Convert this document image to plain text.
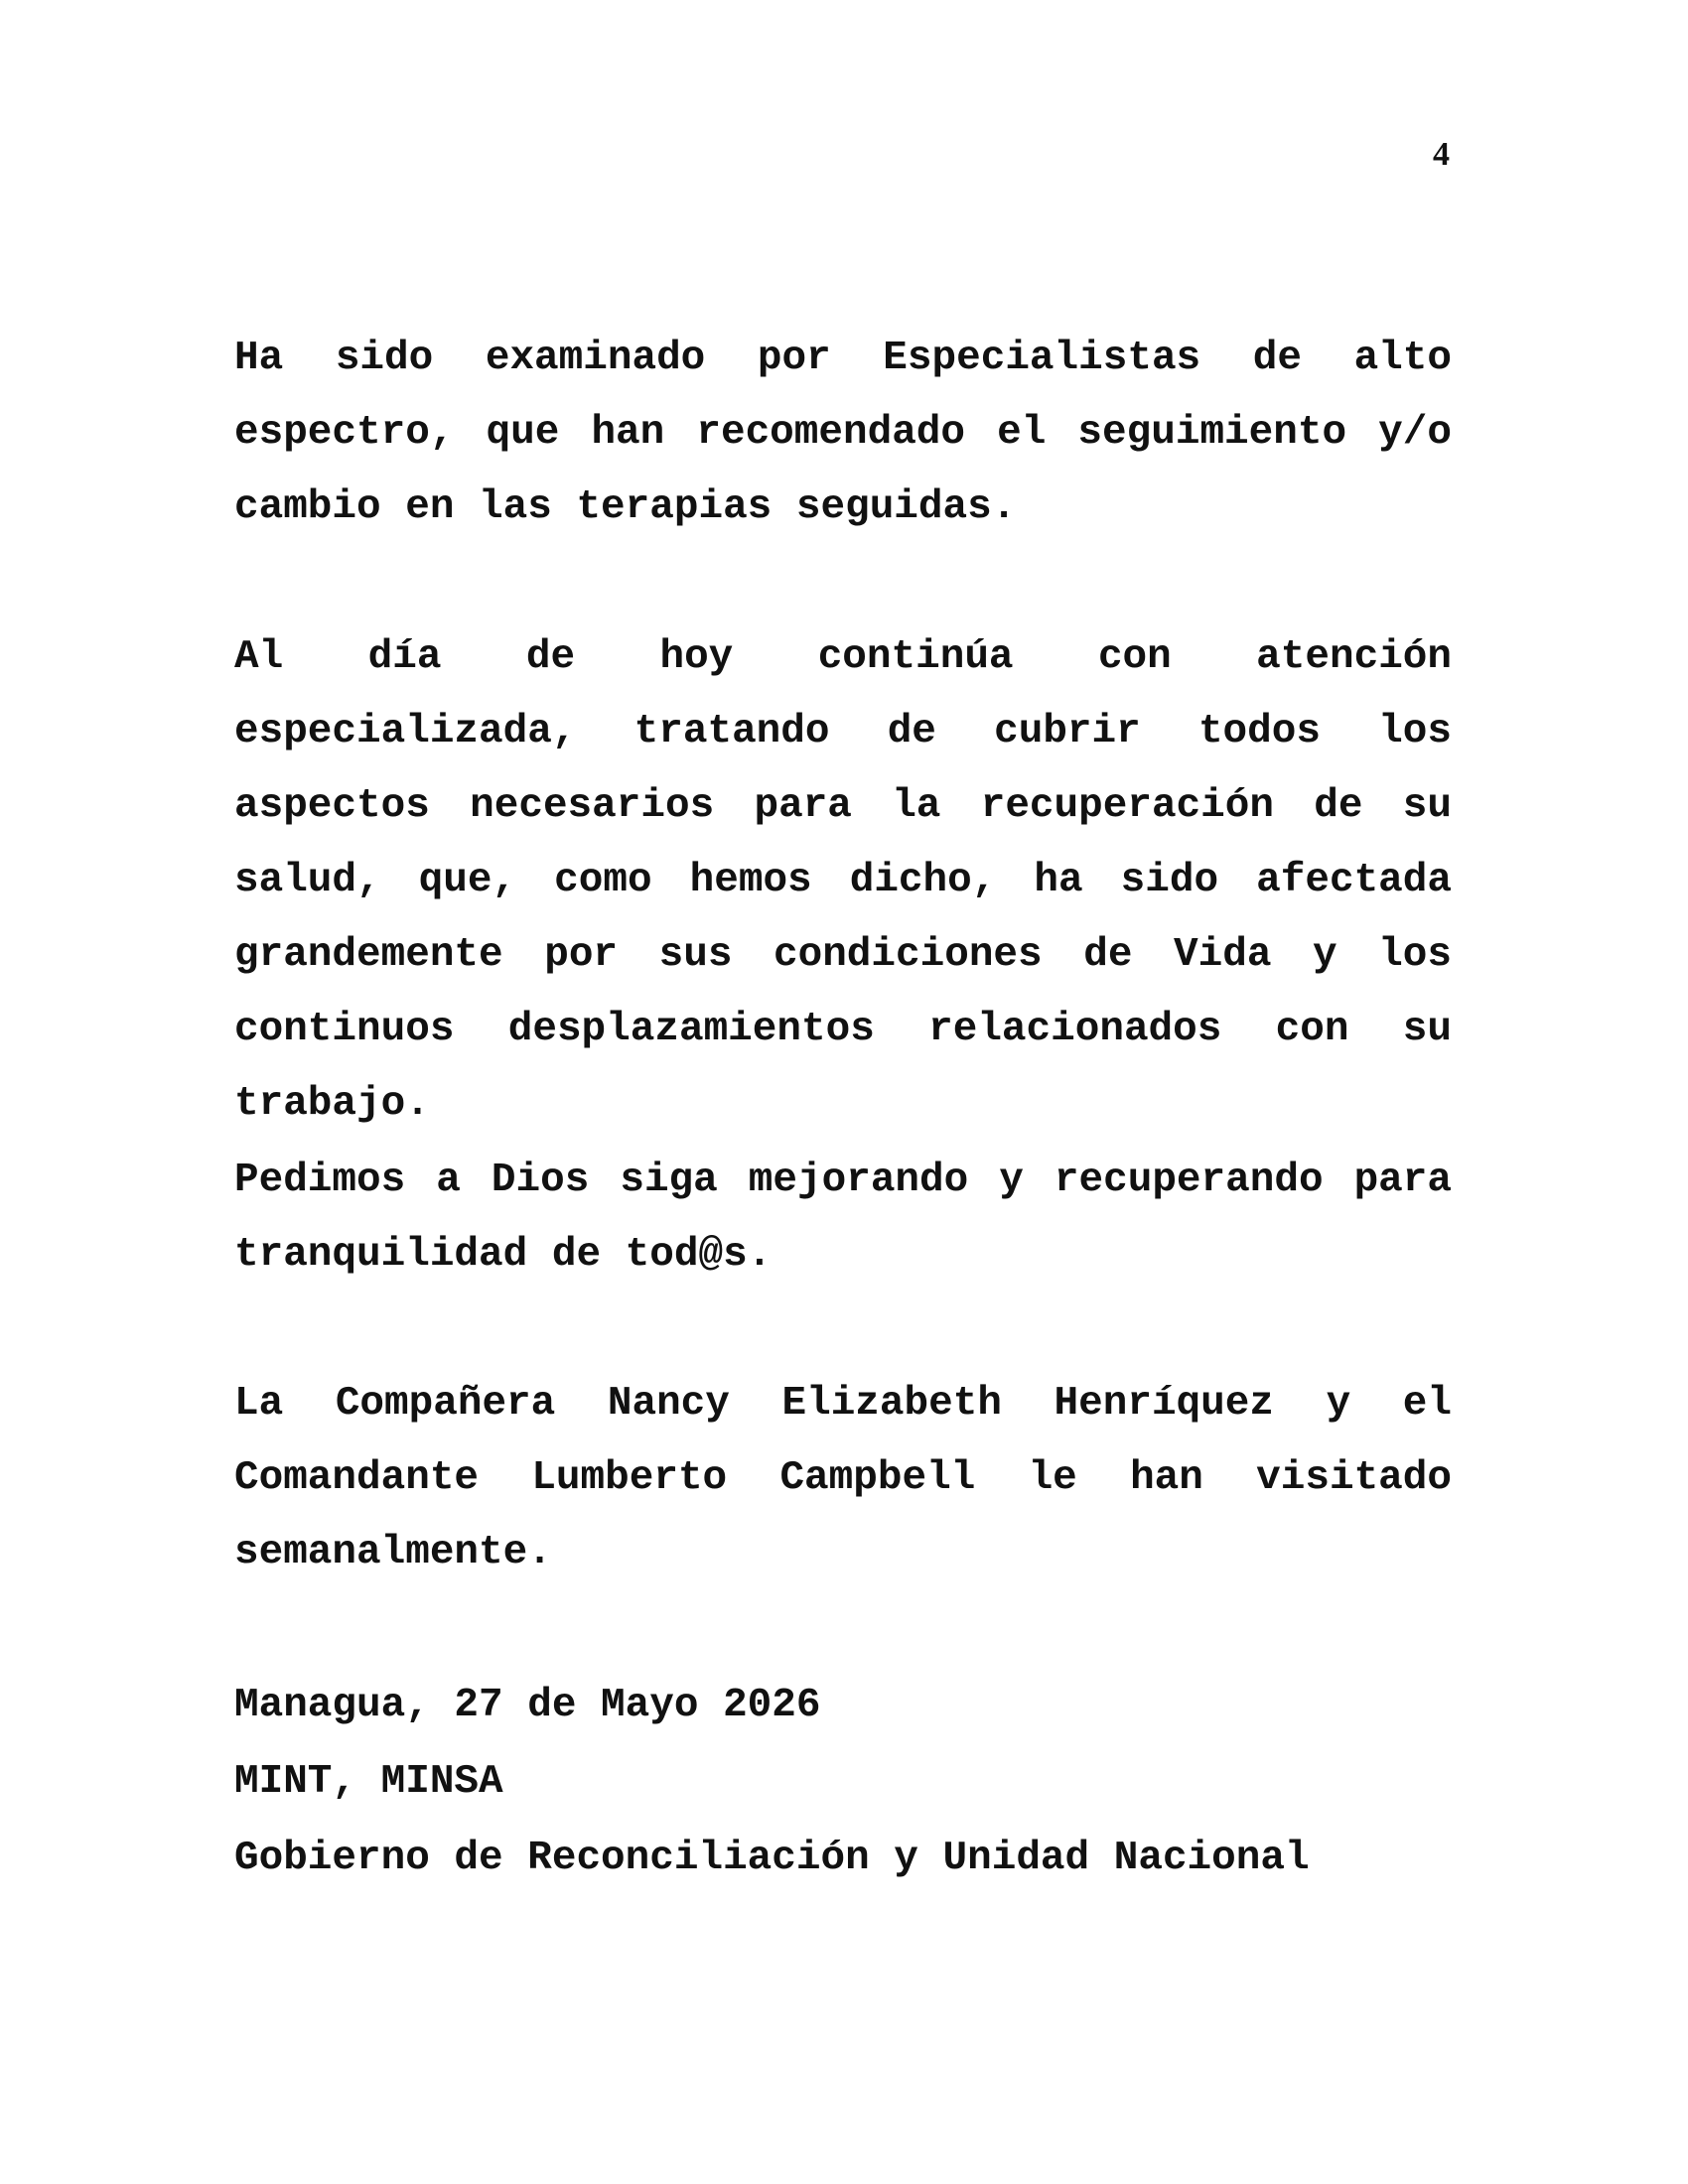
4

Ha sido examinado por Especialistas de alto espectro, que han recomendado el seguimiento y/o cambio en las terapias seguidas.

Al día de hoy continúa con atención especializada, tratando de cubrir todos los aspectos necesarios para la recuperación de su salud, que, como hemos dicho, ha sido afectada grandemente por sus condiciones de Vida y los continuos desplazamientos relacionados con su trabajo.

Pedimos a Dios siga mejorando y recuperando para tranquilidad de tod@s.

La Compañera Nancy Elizabeth Henríquez y el Comandante Lumberto Campbell le han visitado semanalmente.

Managua, 27 de Mayo 2026
MINT, MINSA
Gobierno de Reconciliación y Unidad Nacional
